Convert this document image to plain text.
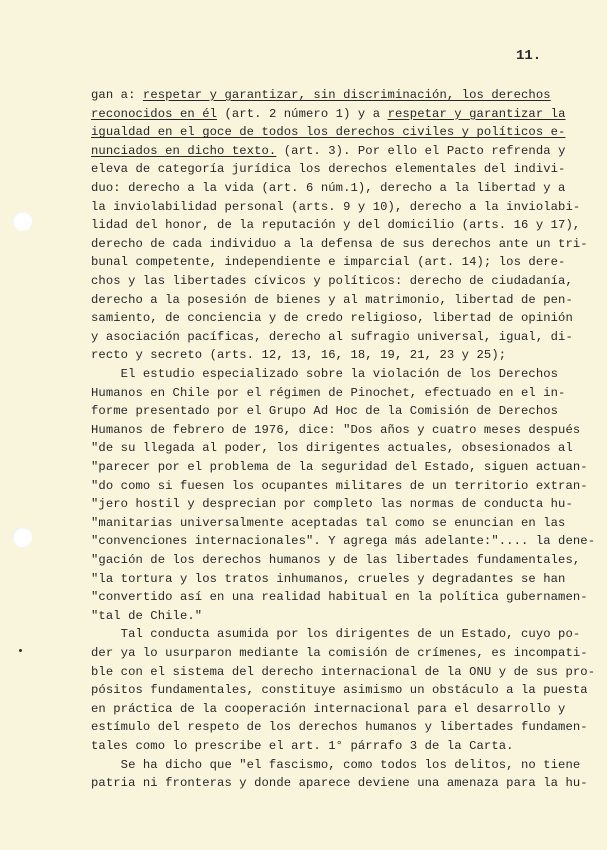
11.
gan a: respetar y garantizar, sin discriminación, los derechos
reconocidos en él (art. 2 número 1) y a respetar y garantizar la
igualdad en el goce de todos los derechos civiles y políticos e-
nunciados en dicho texto. (art. 3). Por ello el Pacto refrenda y
eleva de categoría jurídica los derechos elementales del indivi-
duo: derecho a la vida (art. 6 núm.1), derecho a la libertad y a
la inviolabilidad personal (arts. 9 y 10), derecho a la inviolabi-
lidad del honor, de la reputación y del domicilio (arts. 16 y 17),
derecho de cada individuo a la defensa de sus derechos ante un tri-
bunal competente, independiente e imparcial (art. 14); los dere-
chos y las libertades cívicos y políticos: derecho de ciudadanía,
derecho a la posesión de bienes y al matrimonio, libertad de pen-
samiento, de conciencia y de credo religioso, libertad de opinión
y asociación pacíficas, derecho al sufragio universal, igual, di-
recto y secreto (arts. 12, 13, 16, 18, 19, 21, 23 y 25);
El estudio especializado sobre la violación de los Derechos
Humanos en Chile por el régimen de Pinochet, efectuado en el in-
forme presentado por el Grupo Ad Hoc de la Comisión de Derechos
Humanos de febrero de 1976, dice: "Dos años y cuatro meses después
"de su llegada al poder, los dirigentes actuales, obsesionados al
"parecer por el problema de la seguridad del Estado, siguen actuan-
"do como si fuesen los ocupantes militares de un territorio extran-
"jero hostil y desprecian por completo las normas de conducta hu-
"manitarias universalmente aceptadas tal como se enuncian en las
"convenciones internacionales". Y agrega más adelante:".... la dene-
"gación de los derechos humanos y de las libertades fundamentales,
"la tortura y los tratos inhumanos, crueles y degradantes se han
"convertido así en una realidad habitual en la política gubernamen-
"tal de Chile."
Tal conducta asumida por los dirigentes de un Estado, cuyo po-
der ya lo usurparon mediante la comisión de crímenes, es incompati-
ble con el sistema del derecho internacional de la ONU y de sus pro-
pósitos fundamentales, constituye asimismo un obstáculo a la puesta
en práctica de la cooperación internacional para el desarrollo y
estímulo del respeto de los derechos humanos y libertades fundamen-
tales como lo prescribe el art. 1° párrafo 3 de la Carta.
Se ha dicho que "el fascismo, como todos los delitos, no tiene
patria ni fronteras y donde aparece deviene una amenaza para la hu-
